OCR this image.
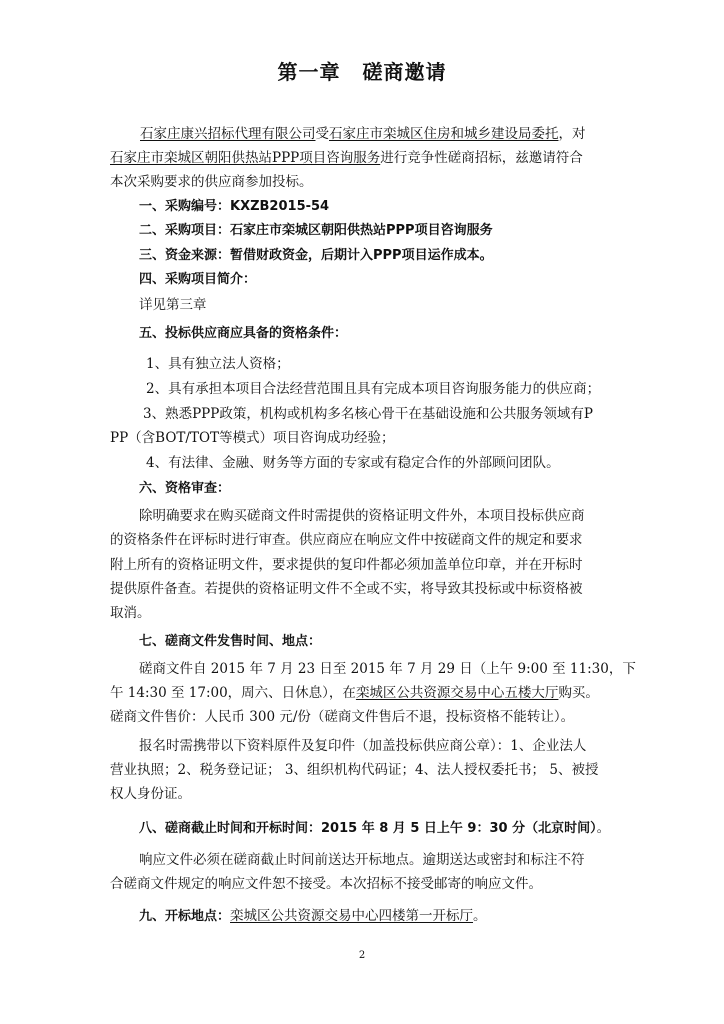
第一章 磋商邀请
石家庄康兴招标代理有限公司受石家庄市栾城区住房和城乡建设局委托，对
石家庄市栾城区朝阳供热站PPP项目咨询服务进行竞争性磋商招标，兹邀请符合
本次采购要求的供应商参加投标。
一、采购编号：KXZB2015-54
二、采购项目：石家庄市栾城区朝阳供热站PPP项目咨询服务
三、资金来源：暂借财政资金，后期计入PPP项目运作成本。
四、采购项目简介：
详见第三章
五、投标供应商应具备的资格条件：
1、具有独立法人资格；
2、具有承担本项目合法经营范围且具有完成本项目咨询服务能力的供应商；
3、熟悉PPP政策，机构或机构多名核心骨干在基础设施和公共服务领域有P
PP（含BOT/TOT等模式）项目咨询成功经验；
4、有法律、金融、财务等方面的专家或有稳定合作的外部顾问团队。
六、资格审查：
除明确要求在购买磋商文件时需提供的资格证明文件外，本项目投标供应商
的资格条件在评标时进行审查。供应商应在响应文件中按磋商文件的规定和要求
附上所有的资格证明文件，要求提供的复印件都必须加盖单位印章，并在开标时
提供原件备查。若提供的资格证明文件不全或不实，将导致其投标或中标资格被
取消。
七、磋商文件发售时间、地点：
磋商文件自 2015 年 7 月 23 日至 2015 年 7 月 29 日（上午 9:00 至 11:30，下
午 14:30 至 17:00，周六、日休息），在栾城区公共资源交易中心五楼大厅购买。
磋商文件售价：人民币 300 元/份（磋商文件售后不退，投标资格不能转让）。
报名时需携带以下资料原件及复印件（加盖投标供应商公章）：1、企业法人
营业执照；2、税务登记证； 3、组织机构代码证；4、法人授权委托书； 5、被授
权人身份证。
八、磋商截止时间和开标时间：2015 年 8 月 5 日上午 9：30 分（北京时间）。
响应文件必须在磋商截止时间前送达开标地点。逾期送达或密封和标注不符
合磋商文件规定的响应文件恕不接受。本次招标不接受邮寄的响应文件。
九、开标地点：栾城区公共资源交易中心四楼第一开标厅。
2
